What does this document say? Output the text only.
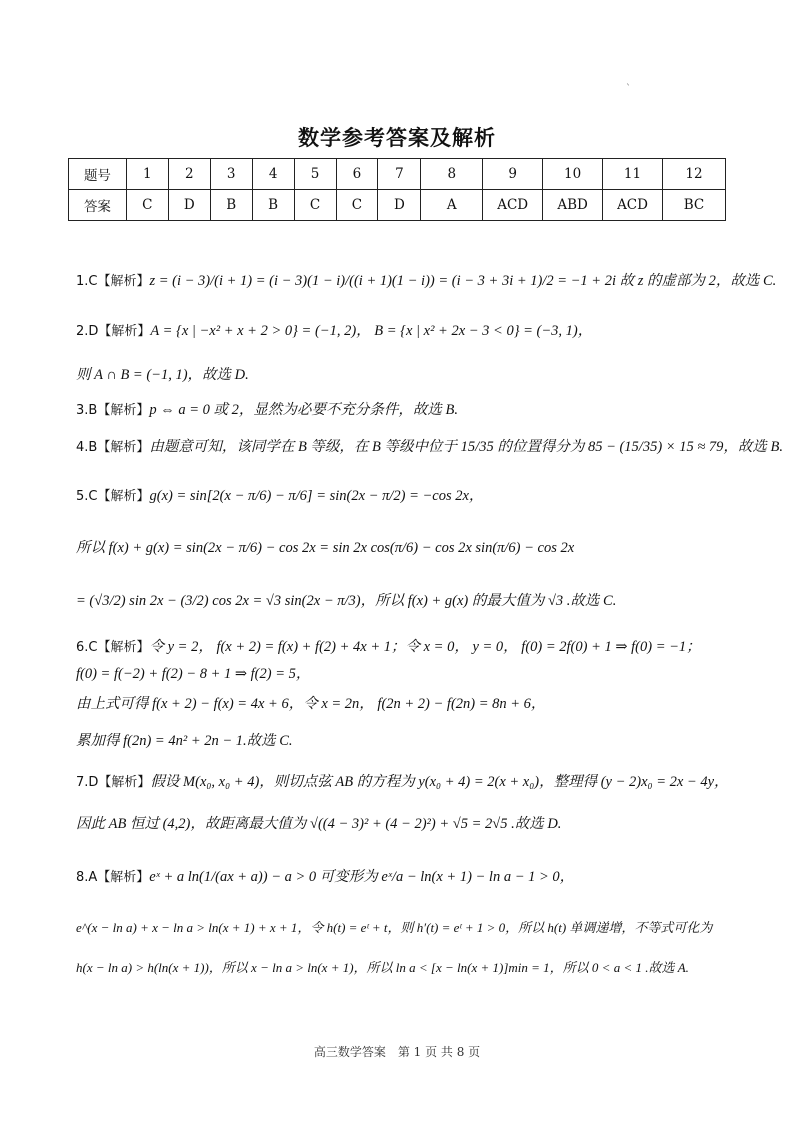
`
数学参考答案及解析
题号	1	2	3	4	5	6	7	8	9	10	11	12
答案	C	D	B	B	C	C	D	A	ACD	ABD	ACD	BC
1.C【解析】z = (i − 3)/(i + 1) = (i − 3)(1 − i)/((i + 1)(1 − i)) = (i − 3 + 3i + 1)/2 = −1 + 2i 故 z 的虚部为 2，故选 C.
2.D【解析】A = {x | −x² + x + 2 > 0} = (−1, 2)， B = {x | x² + 2x − 3 < 0} = (−3, 1)，
则 A ∩ B = (−1, 1)，故选 D.
3.B【解析】p ⇔ a = 0 或 2，显然为必要不充分条件，故选 B.
4.B【解析】由题意可知，该同学在 B 等级，在 B 等级中位于 15/35 的位置得分为 85 − (15/35) × 15 ≈ 79，故选 B.
5.C【解析】g(x) = sin[2(x − π/6) − π/6] = sin(2x − π/2) = −cos 2x，
所以 f(x) + g(x) = sin(2x − π/6) − cos 2x = sin 2x cos(π/6) − cos 2x sin(π/6) − cos 2x
= (√3/2) sin 2x − (3/2) cos 2x = √3 sin(2x − π/3)，所以 f(x) + g(x) 的最大值为 √3 .故选 C.
6.C【解析】令 y = 2， f(x + 2) = f(x) + f(2) + 4x + 1；令 x = 0， y = 0， f(0) = 2f(0) + 1 ⇒ f(0) = −1；
f(0) = f(−2) + f(2) − 8 + 1 ⇒ f(2) = 5，
由上式可得 f(x + 2) − f(x) = 4x + 6，令 x = 2n， f(2n + 2) − f(2n) = 8n + 6，
累加得 f(2n) = 4n² + 2n − 1.故选 C.
7.D【解析】假设 M(x₀, x₀ + 4)，则切点弦 AB 的方程为 y(x₀ + 4) = 2(x + x₀)，整理得 (y − 2)x₀ = 2x − 4y，
因此 AB 恒过 (4,2)，故距离最大值为 √((4 − 3)² + (4 − 2)²) + √5 = 2√5 .故选 D.
8.A【解析】eˣ + a ln(1/(ax + a)) − a > 0 可变形为 eˣ/a − ln(x + 1) − ln a − 1 > 0，
e^(x − ln a) + x − ln a > ln(x + 1) + x + 1，令 h(t) = eᵗ + t，则 h′(t) = eᵗ + 1 > 0，所以 h(t) 单调递增，不等式可化为
h(x − ln a) > h(ln(x + 1))，所以 x − ln a > ln(x + 1)，所以 ln a < [x − ln(x + 1)]min = 1，所以 0 < a < 1 .故选 A.
高三数学答案　第 1 页 共 8 页
